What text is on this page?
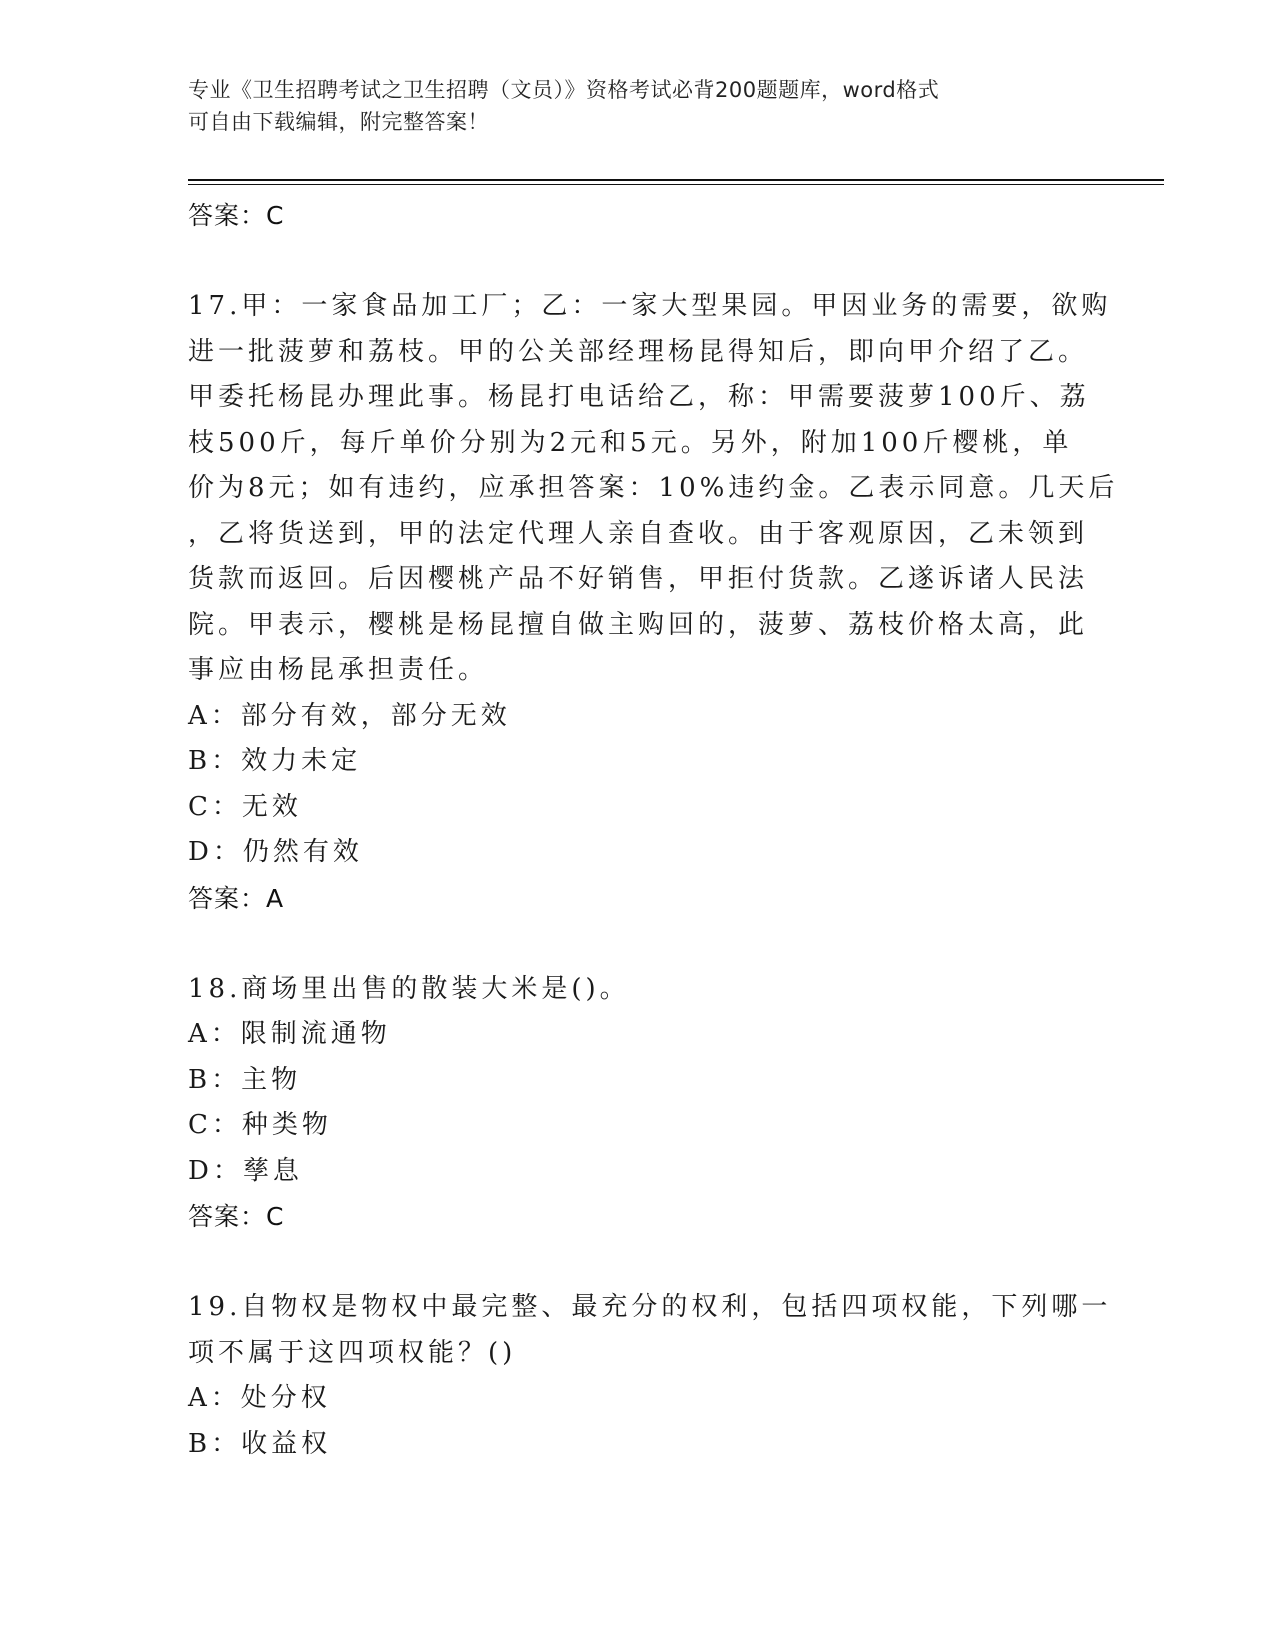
专业《卫生招聘考试之卫生招聘（文员）》资格考试必背200题题库，word格式
可自由下载编辑，附完整答案！
答案：C
17.甲：一家食品加工厂；乙：一家大型果园。甲因业务的需要，欲购
进一批菠萝和荔枝。甲的公关部经理杨昆得知后，即向甲介绍了乙。
甲委托杨昆办理此事。杨昆打电话给乙，称：甲需要菠萝100斤、荔
枝500斤，每斤单价分别为2元和5元。另外，附加100斤樱桃，单
价为8元；如有违约，应承担答案：10%违约金。乙表示同意。几天后
，乙将货送到，甲的法定代理人亲自查收。由于客观原因，乙未领到
货款而返回。后因樱桃产品不好销售，甲拒付货款。乙遂诉诸人民法
院。甲表示，樱桃是杨昆擅自做主购回的，菠萝、荔枝价格太高，此
事应由杨昆承担责任。
A：部分有效，部分无效
B：效力未定
C：无效
D：仍然有效
答案：A
18.商场里出售的散装大米是()。
A：限制流通物
B：主物
C：种类物
D：孳息
答案：C
19.自物权是物权中最完整、最充分的权利，包括四项权能，下列哪一
项不属于这四项权能？()
A：处分权
B：收益权
